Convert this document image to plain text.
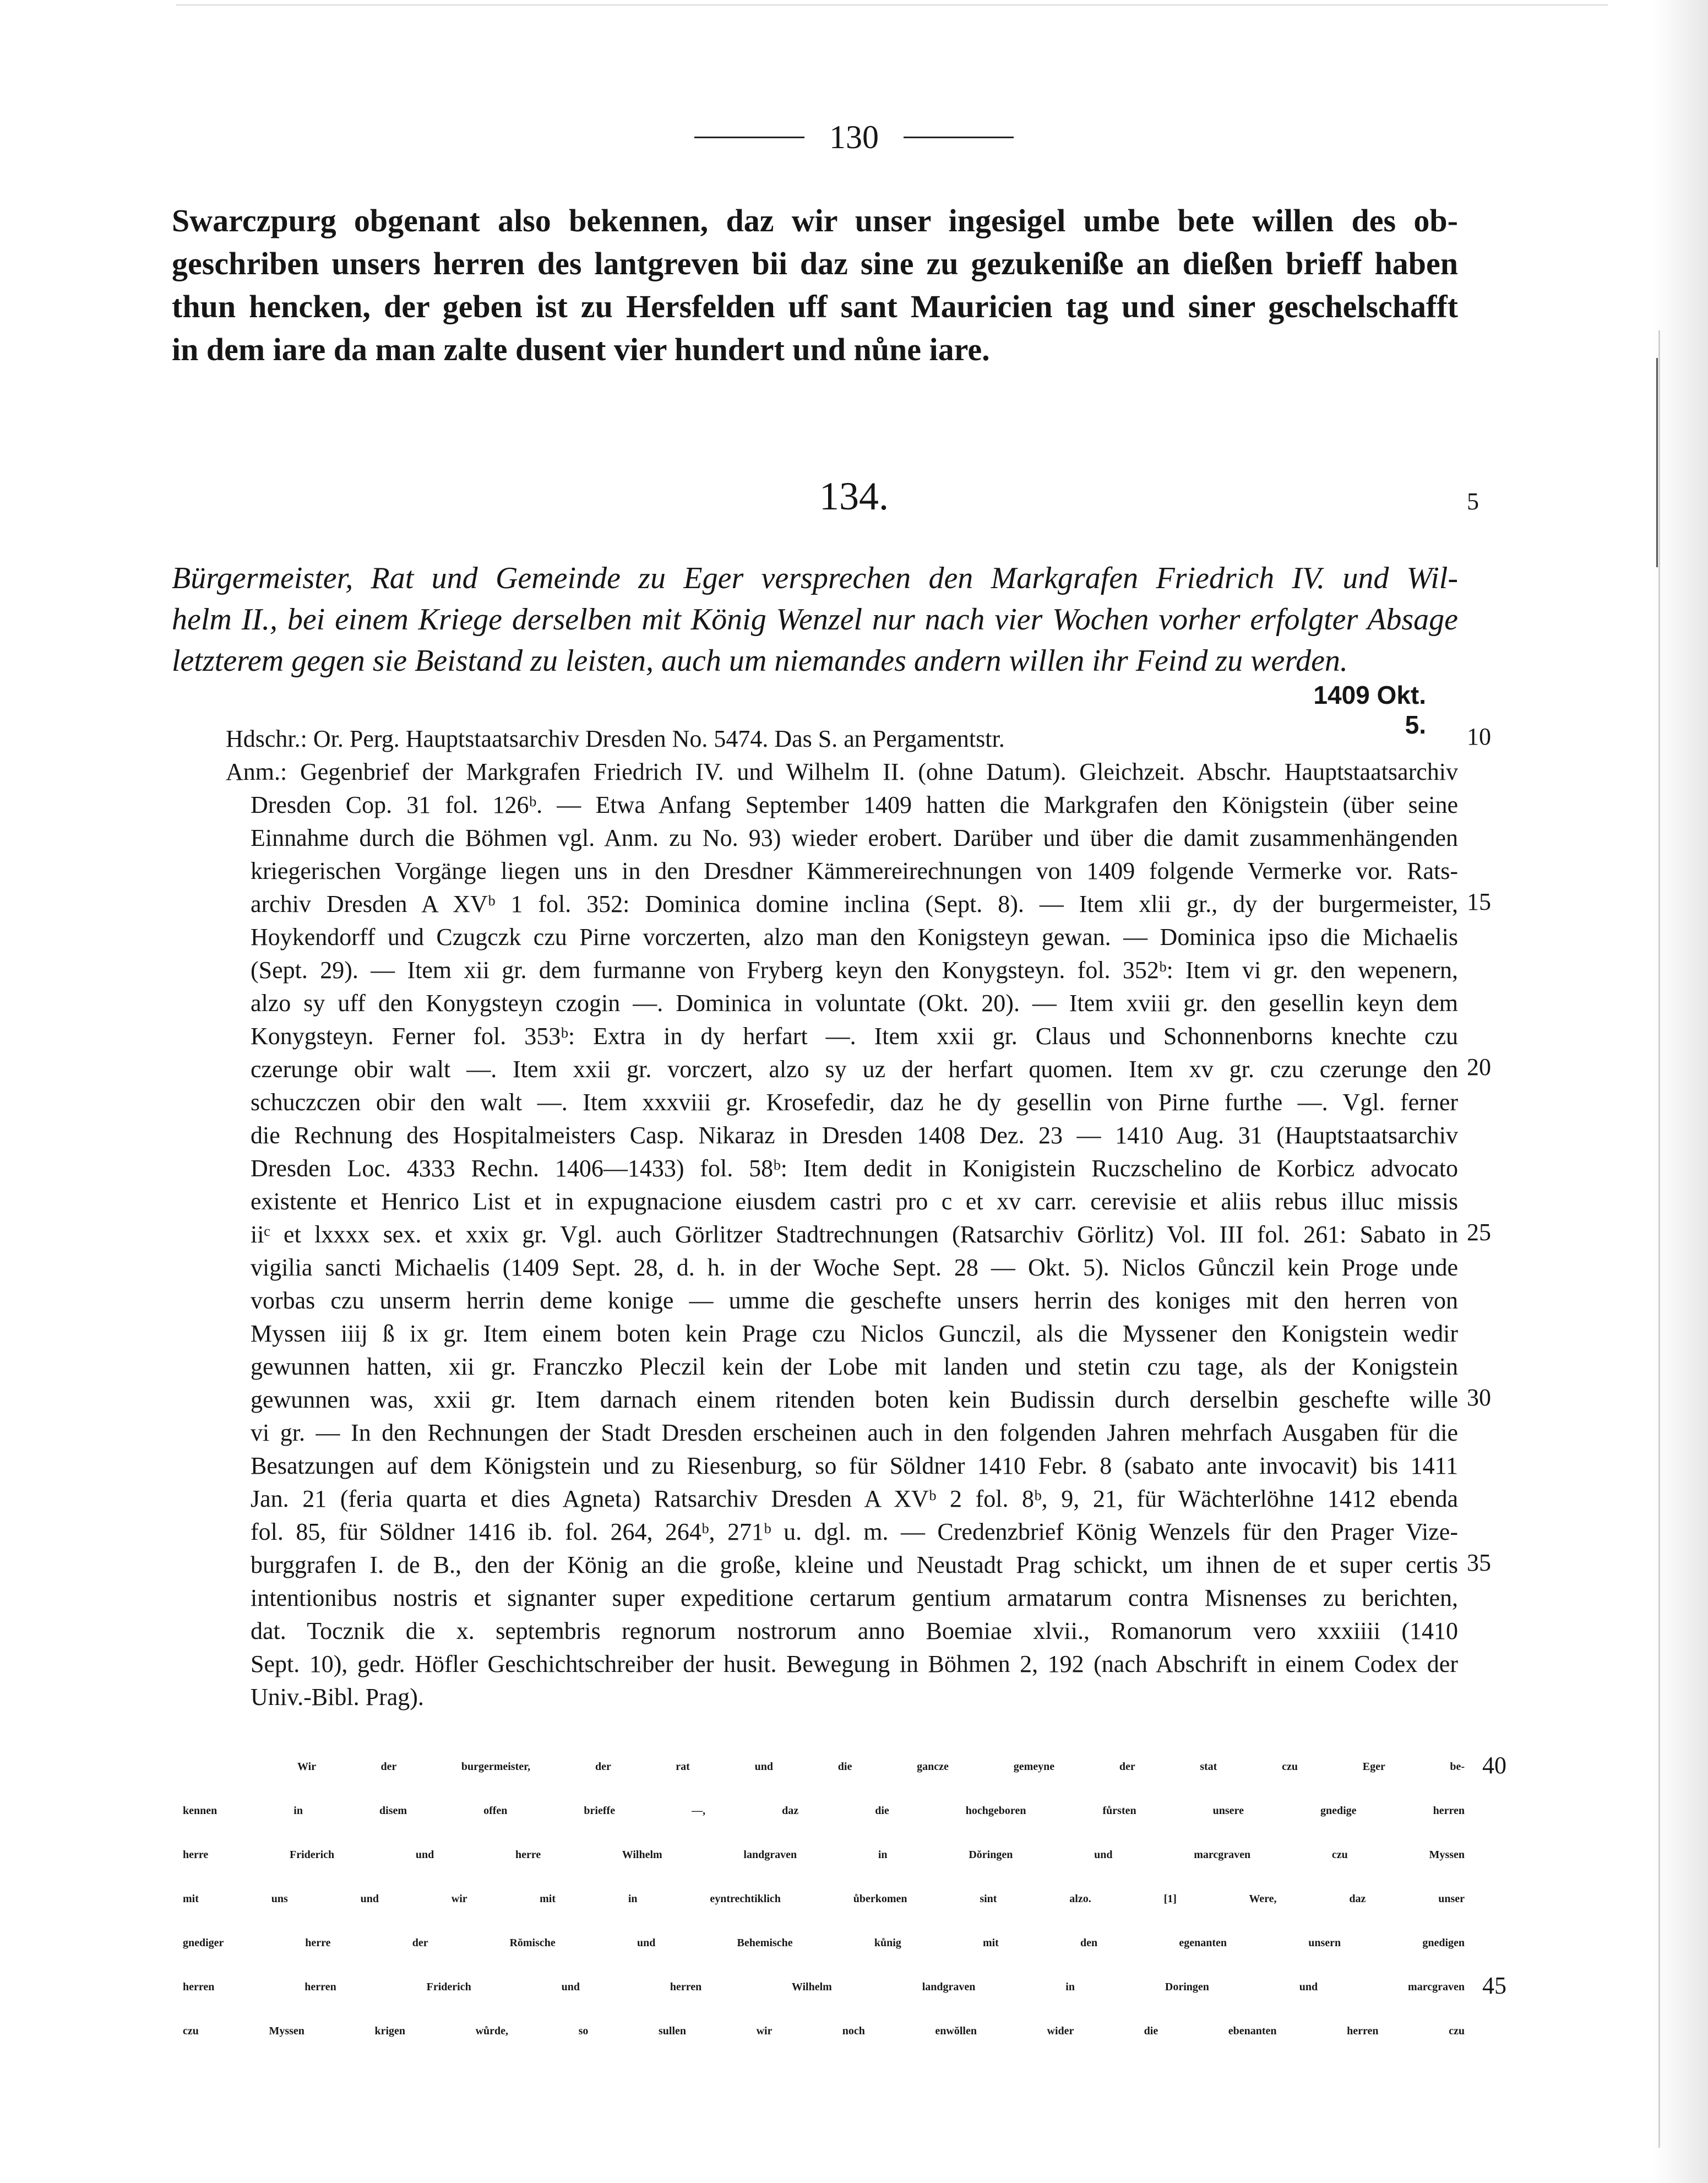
130
Swarczpurg obgenant also bekennen, daz wir unser ingesigel umbe bete willen des ob-
geschriben unsers herren des lantgreven bii daz sine zu gezukeniße an dießen brieff haben
thun hencken, der geben ist zu Hersfelden uff sant Mauricien tag und siner geschelschafft
in dem iare da man zalte dusent vier hundert und nůne iare.
134.	5
Bürgermeister, Rat und Gemeinde zu Eger versprechen den Markgrafen Friedrich IV. und Wil-
helm II., bei einem Kriege derselben mit König Wenzel nur nach vier Wochen vorher erfolgter Absage
letzterem gegen sie Beistand zu leisten, auch um niemandes andern willen ihr Feind zu werden.
1409 Okt. 5.
Hdschr.: Or. Perg. Hauptstaatsarchiv Dresden No. 5474. Das S. an Pergamentstr.	10
Anm.: Gegenbrief der Markgrafen Friedrich IV. und Wilhelm II. (ohne Datum). Gleichzeit. Abschr. Hauptstaatsarchiv
Dresden Cop. 31 fol. 126ᵇ. — Etwa Anfang September 1409 hatten die Markgrafen den Königstein (über seine
Einnahme durch die Böhmen vgl. Anm. zu No. 93) wieder erobert. Darüber und über die damit zusammenhängenden
kriegerischen Vorgänge liegen uns in den Dresdner Kämmereirechnungen von 1409 folgende Vermerke vor. Rats-
archiv Dresden A XVᵇ 1 fol. 352: Dominica domine inclina (Sept. 8). — Item xlii gr., dy der burgermeister, 15
Hoykendorff und Czugczk czu Pirne vorczerten, alzo man den Konigsteyn gewan. — Dominica ipso die Michaelis
(Sept. 29). — Item xii gr. dem furmanne von Fryberg keyn den Konygsteyn. fol. 352ᵇ: Item vi gr. den wepenern,
alzo sy uff den Konygsteyn czogin —. Dominica in voluntate (Okt. 20). — Item xviii gr. den gesellin keyn dem
Konygsteyn. Ferner fol. 353ᵇ: Extra in dy herfart —. Item xxii gr. Claus und Schonnenborns knechte czu
czerunge obir walt —. Item xxii gr. vorczert, alzo sy uz der herfart quomen. Item xv gr. czu czerunge den 20
schuczczen obir den walt —. Item xxxviii gr. Krosefedir, daz he dy gesellin von Pirne furthe —. Vgl. ferner
die Rechnung des Hospitalmeisters Casp. Nikaraz in Dresden 1408 Dez. 23 — 1410 Aug. 31 (Hauptstaatsarchiv
Dresden Loc. 4333 Rechn. 1406—1433) fol. 58ᵇ: Item dedit in Konigistein Ruczschelino de Korbicz advocato
existente et Henrico List et in expugnacione eiusdem castri pro c et xv carr. cerevisie et aliis rebus illuc missis
iiᶜ et lxxxx sex. et xxix gr. Vgl. auch Görlitzer Stadtrechnungen (Ratsarchiv Görlitz) Vol. III fol. 261: Sabato in 25
vigilia sancti Michaelis (1409 Sept. 28, d. h. in der Woche Sept. 28 — Okt. 5). Niclos Gůnczil kein Proge unde
vorbas czu unserm herrin deme konige — umme die geschefte unsers herrin des koniges mit den herren von
Myssen iiij ß ix gr. Item einem boten kein Prage czu Niclos Gunczil, als die Myssener den Konigstein wedir
gewunnen hatten, xii gr. Franczko Pleczil kein der Lobe mit landen und stetin czu tage, als der Konigstein
gewunnen was, xxii gr. Item darnach einem ritenden boten kein Budissin durch derselbin geschefte wille 30
vi gr. — In den Rechnungen der Stadt Dresden erscheinen auch in den folgenden Jahren mehrfach Ausgaben für die
Besatzungen auf dem Königstein und zu Riesenburg, so für Söldner 1410 Febr. 8 (sabato ante invocavit) bis 1411
Jan. 21 (feria quarta et dies Agneta) Ratsarchiv Dresden A XVᵇ 2 fol. 8ᵇ, 9, 21, für Wächterlöhne 1412 ebenda
fol. 85, für Söldner 1416 ib. fol. 264, 264ᵇ, 271ᵇ u. dgl. m. — Credenzbrief König Wenzels für den Prager Vize-
burggrafen I. de B., den der König an die große, kleine und Neustadt Prag schickt, um ihnen de et super certis 35
intentionibus nostris et signanter super expeditione certarum gentium armatarum contra Misnenses zu berichten,
dat. Tocznik die x. septembris regnorum nostrorum anno Boemiae xlvii., Romanorum vero xxxiiii (1410
Sept. 10), gedr. Höfler Geschichtschreiber der husit. Bewegung in Böhmen 2, 192 (nach Abschrift in einem Codex der
Univ.-Bibl. Prag).
Wir der burgermeister, der rat und die gancze gemeyne der stat czu Eger be- 40
kennen in disem offen brieffe —, daz die hochgeboren fůrsten unsere gnedige herren
herre Friderich und herre Wilhelm landgraven in Dŏringen und marcgraven czu Myssen
mit uns und wir mit in eyntrechtiklich ůberkomen sint alzo. [1] Were, daz unser
gnediger herre der Rŏmische und Behemische kůnig mit den egenanten unsern gnedigen
herren herren Friderich und herren Wilhelm landgraven in Doringen und marcgraven 45
czu Myssen krigen wůrde, so sullen wir noch enwŏllen wider die ebenanten herren czu
